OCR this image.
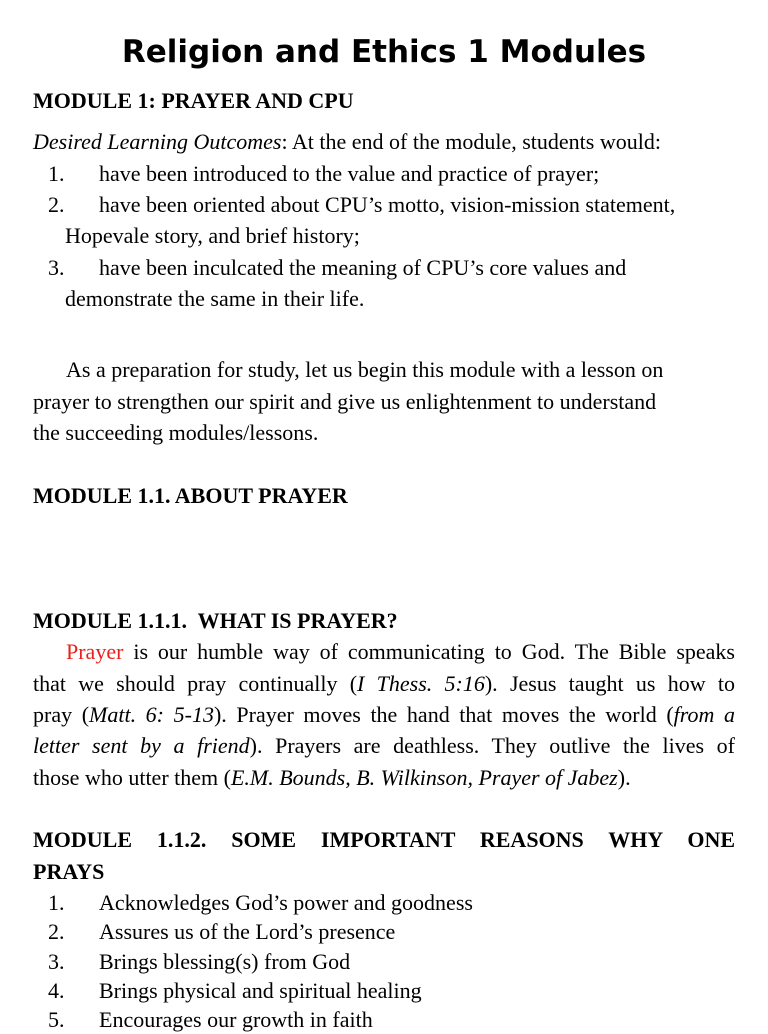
Religion and Ethics 1 Modules
MODULE 1: PRAYER AND CPU
Desired Learning Outcomes: At the end of the module, students would:
1. have been introduced to the value and practice of prayer;
2. have been oriented about CPU’s motto, vision-mission statement,
Hopevale story, and brief history;
3. have been inculcated the meaning of CPU’s core values and
demonstrate the same in their life.
As a preparation for study, let us begin this module with a lesson on
prayer to strengthen our spirit and give us enlightenment to understand
the succeeding modules/lessons.
MODULE 1.1. ABOUT PRAYER
MODULE 1.1.1.  WHAT IS PRAYER?
Prayer is our humble way of communicating to God. The Bible speaks
that we should pray continually (I Thess. 5:16). Jesus taught us how to
pray (Matt. 6: 5-13). Prayer moves the hand that moves the world (from a
letter sent by a friend). Prayers are deathless. They outlive the lives of
those who utter them (E.M. Bounds, B. Wilkinson, Prayer of Jabez).
MODULE 1.1.2. SOME IMPORTANT REASONS WHY ONE
PRAYS
1. Acknowledges God’s power and goodness
2. Assures us of the Lord’s presence
3. Brings blessing(s) from God
4. Brings physical and spiritual healing
5. Encourages our growth in faith
